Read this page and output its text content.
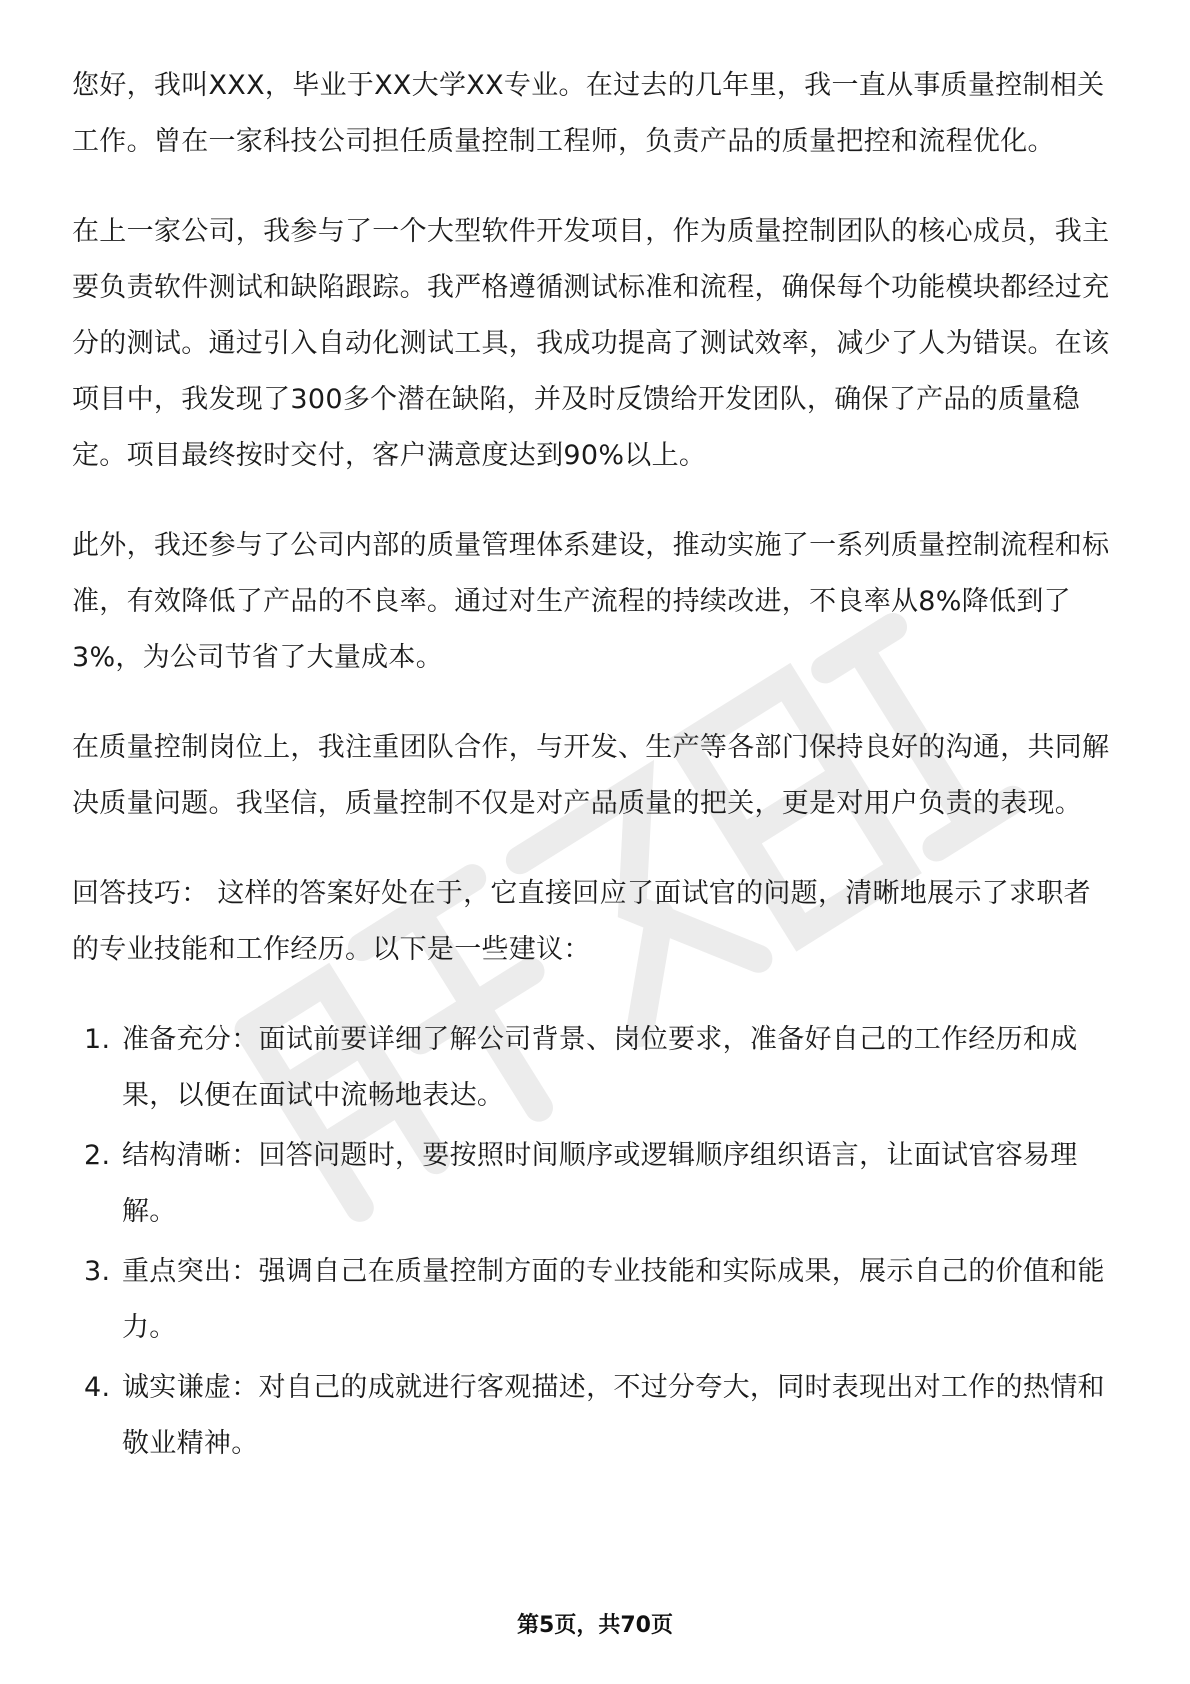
您好，我叫XXX，毕业于XX大学XX专业。在过去的几年里，我一直从事质量控制相关工作。曾在一家科技公司担任质量控制工程师，负责产品的质量把控和流程优化。

在上一家公司，我参与了一个大型软件开发项目，作为质量控制团队的核心成员，我主要负责软件测试和缺陷跟踪。我严格遵循测试标准和流程，确保每个功能模块都经过充分的测试。通过引入自动化测试工具，我成功提高了测试效率，减少了人为错误。在该项目中，我发现了300多个潜在缺陷，并及时反馈给开发团队，确保了产品的质量稳定。项目最终按时交付，客户满意度达到90%以上。

此外，我还参与了公司内部的质量管理体系建设，推动实施了一系列质量控制流程和标准，有效降低了产品的不良率。通过对生产流程的持续改进，不良率从8%降低到了3%，为公司节省了大量成本。

在质量控制岗位上，我注重团队合作，与开发、生产等各部门保持良好的沟通，共同解决质量问题。我坚信，质量控制不仅是对产品质量的把关，更是对用户负责的表现。

回答技巧： 这样的答案好处在于，它直接回应了面试官的问题，清晰地展示了求职者的专业技能和工作经历。以下是一些建议：

1. 准备充分：面试前要详细了解公司背景、岗位要求，准备好自己的工作经历和成果，以便在面试中流畅地表达。
2. 结构清晰：回答问题时，要按照时间顺序或逻辑顺序组织语言，让面试官容易理解。
3. 重点突出：强调自己在质量控制方面的专业技能和实际成果，展示自己的价值和能力。
4. 诚实谦虚：对自己的成就进行客观描述，不过分夸大，同时表现出对工作的热情和敬业精神。
第5页，共70页
